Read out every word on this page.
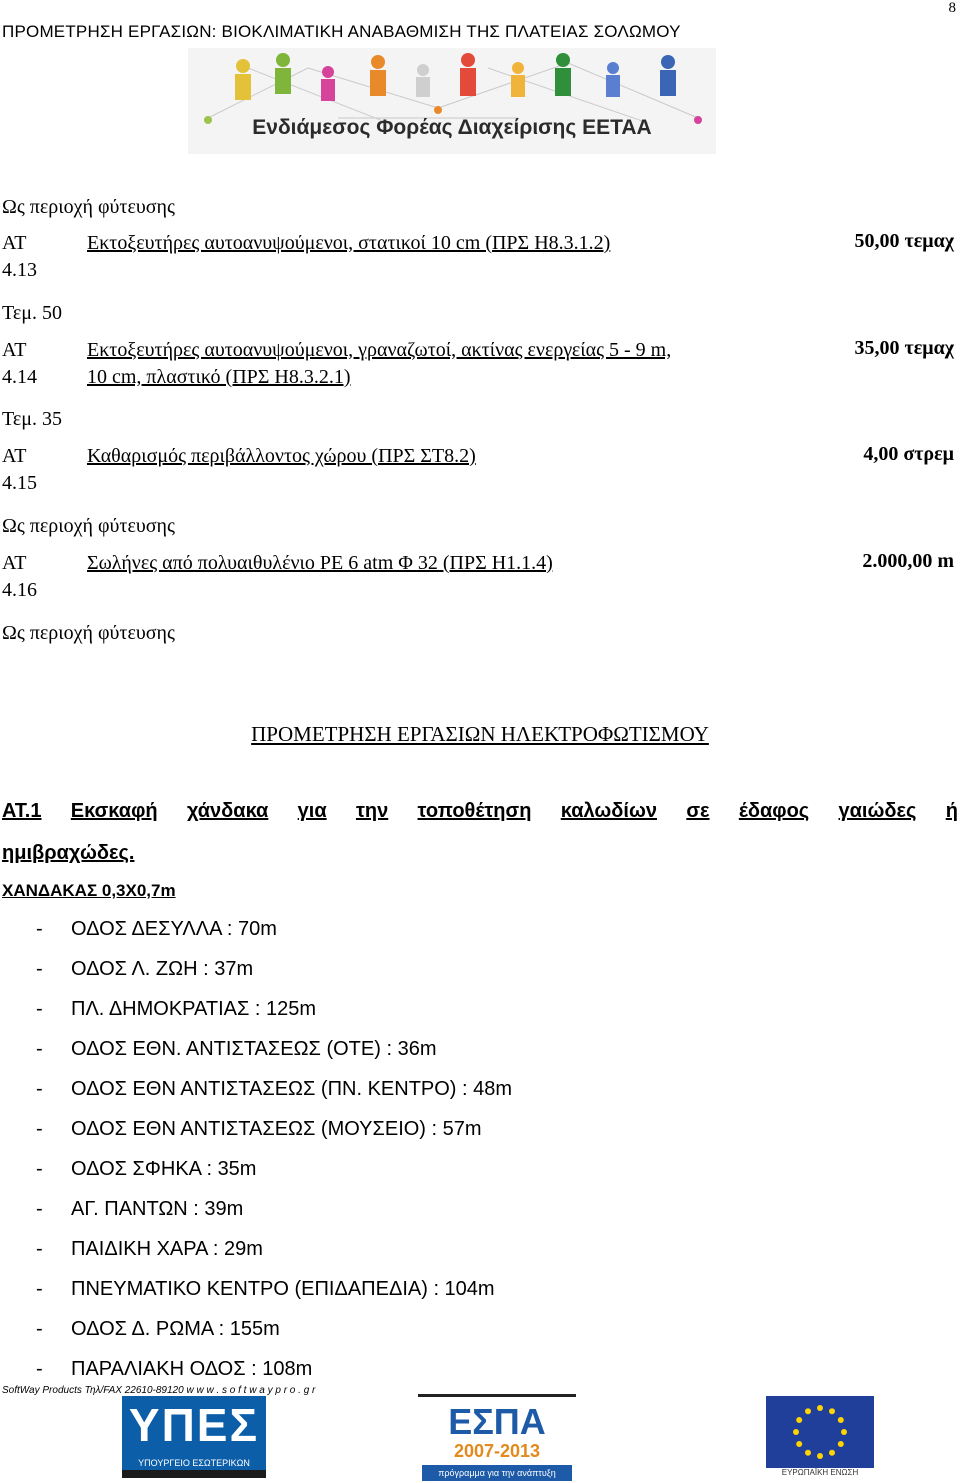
8
ΠΡΟΜΕΤΡΗΣΗ ΕΡΓΑΣΙΩΝ: ΒΙΟΚΛΙΜΑΤΙΚΗ ΑΝΑΒΑΘΜΙΣΗ ΤΗΣ ΠΛΑΤΕΙΑΣ ΣΟΛΩΜΟΥ
Ενδιάμεσος Φορέας Διαχείρισης ΕΕΤΑΑ
Ως περιοχή φύτευσης
ΑΤ
4.13
Εκτοξευτήρες αυτοανυψούμενοι, στατικοί 10 cm (ΠΡΣ Η8.3.1.2)	50,00 τεμαχ
Τεμ. 50
ΑΤ
4.14
Εκτοξευτήρες αυτοανυψούμενοι, γραναζωτοί, ακτίνας ενεργείας 5 - 9 m,
10 cm, πλαστικό (ΠΡΣ Η8.3.2.1)
35,00 τεμαχ
Τεμ. 35
ΑΤ
4.15
Καθαρισμός περιβάλλοντος χώρου (ΠΡΣ ΣΤ8.2)	4,00 στρεμ
Ως περιοχή φύτευσης
ΑΤ
4.16
Σωλήνες από πολυαιθυλένιο PE 6 atm Φ 32 (ΠΡΣ Η1.1.4)	2.000,00 m
Ως περιοχή φύτευσης
ΠΡΟΜΕΤΡΗΣΗ ΕΡΓΑΣΙΩΝ ΗΛΕΚΤΡΟΦΩΤΙΣΜΟΥ
ΑΤ.1 Εκσκαφή χάνδακα για την τοποθέτηση καλωδίων σε έδαφος γαιώδες ή
ημιβραχώδες.
ΧΑΝΔΑΚΑΣ 0,3Χ0,7m
- ΟΔΟΣ ΔΕΣΥΛΛΑ : 70m
- ΟΔΟΣ Λ. ΖΩΗ : 37m
- ΠΛ. ΔΗΜΟΚΡΑΤΙΑΣ : 125m
- ΟΔΟΣ ΕΘΝ. ΑΝΤΙΣΤΑΣΕΩΣ (ΟΤΕ) : 36m
- ΟΔΟΣ ΕΘΝ ΑΝΤΙΣΤΑΣΕΩΣ (ΠΝ. ΚΕΝΤΡΟ) : 48m
- ΟΔΟΣ ΕΘΝ ΑΝΤΙΣΤΑΣΕΩΣ (ΜΟΥΣΕΙΟ) : 57m
- ΟΔΟΣ ΣΦΗΚΑ : 35m
- ΑΓ. ΠΑΝΤΩΝ : 39m
- ΠΑΙΔΙΚΗ ΧΑΡΑ : 29m
- ΠΝΕΥΜΑΤΙΚΟ ΚΕΝΤΡΟ (ΕΠΙΔΑΠΕΔΙΑ) : 104m
- ΟΔΟΣ Δ. ΡΩΜΑ : 155m
- ΠΑΡΑΛΙΑΚΗ ΟΔΟΣ : 108m
SoftWay Products Τηλ/FAX 22610-89120 w w w . s o f t w a y p r o . g r
ΥΠΕΣ
ΥΠΟΥΡΓΕΙΟ ΕΣΩΤΕΡΙΚΩΝ
ΕΣΠΑ
2007-2013
πρόγραμμα για την ανάπτυξη	ΕΥΡΩΠΑΪΚΗ ΕΝΩΣΗ
